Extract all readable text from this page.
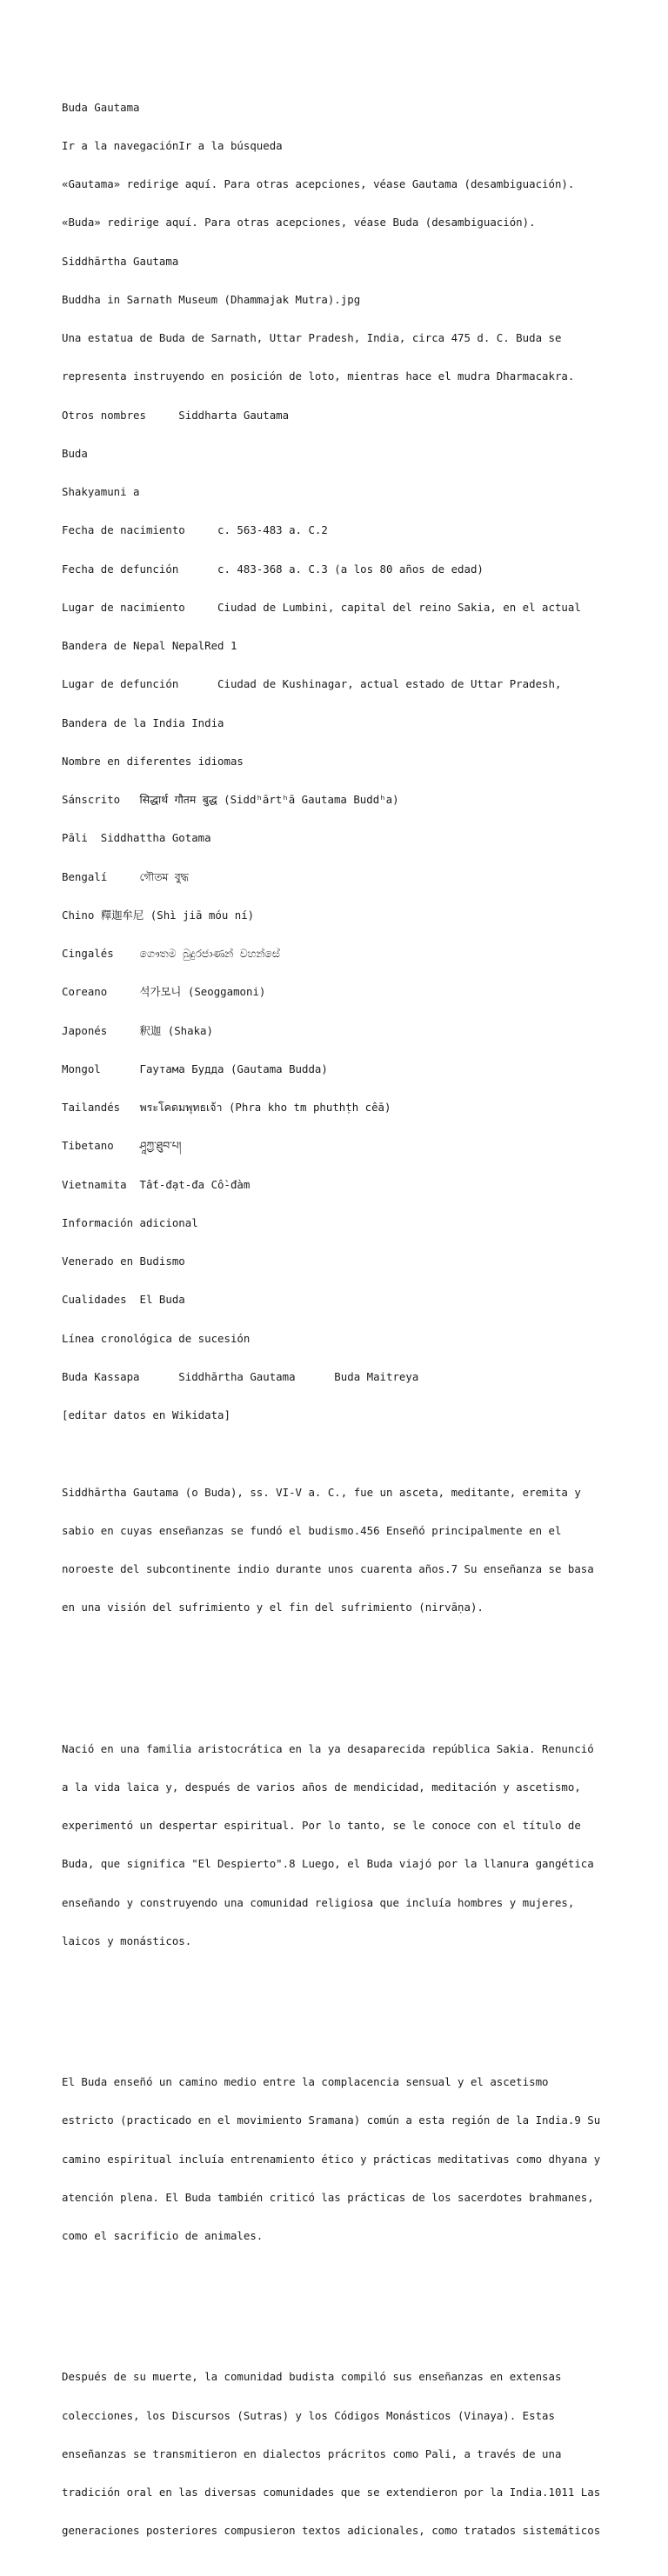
Buda Gautama

Ir a la navegaciónIr a la búsqueda

«Gautama» redirige aquí. Para otras acepciones, véase Gautama (desambiguación).

«Buda» redirige aquí. Para otras acepciones, véase Buda (desambiguación).

Siddhārtha Gautama

Buddha in Sarnath Museum (Dhammajak Mutra).jpg

Una estatua de Buda de Sarnath, Uttar Pradesh, India, circa 475 d. C. Buda se

representa instruyendo en posición de loto, mientras hace el mudra Dharmacakra.

Otros nombres     Siddharta Gautama

Buda

Shakyamuni a

Fecha de nacimiento     c. 563-483 a. C.2

Fecha de defunción      c. 483-368 a. C.3 (a los 80 años de edad)

Lugar de nacimiento     Ciudad de Lumbini, capital del reino Sakia, en el actual

Bandera de Nepal NepalRed 1

Lugar de defunción      Ciudad de Kushinagar, actual estado de Uttar Pradesh,

Bandera de la India India

Nombre en diferentes idiomas

Sánscrito   सिद्धार्थ गौतम बुद्ध (Siddʰārtʰā Gautama Buddʰa)

Pāli  Siddhattha Gotama

Bengalí     গৌতম বুদ্ধ

Chino 釋迦牟尼 (Shì jiā móu ní)

Cingalés    ගෞතම බුදුරජාණන් වහන්සේ

Coreano     석가모니 (Seoggamoni)

Japonés     釈迦 (Shaka)

Mongol      Гаутама Будда (Gautama Budda)

Tailandés   พระโคดมพุทธเจ้า (Phra kho tm phuthṭh cêā)

Tibetano    ཤཱཀྱ་ཐུབ་པ།

Vietnamita  Tất-đạt-đa Cồ-đàm

Información adicional

Venerado en Budismo

Cualidades  El Buda

Línea cronológica de sucesión

Buda Kassapa      Siddhārtha Gautama      Buda Maitreya

[editar datos en Wikidata]

Siddhārtha Gautama (o Buda), ss. VI-V a. C., fue un asceta, meditante, eremita y

sabio en cuyas enseñanzas se fundó el budismo.456 Enseñó principalmente en el

noroeste del subcontinente indio durante unos cuarenta años.7 Su enseñanza se basa

en una visión del sufrimiento y el fin del sufrimiento (nirvāṇa).

Nació en una familia aristocrática en la ya desaparecida república Sakia. Renunció

a la vida laica y, después de varios años de mendicidad, meditación y ascetismo,

experimentó un despertar espiritual. Por lo tanto, se le conoce con el título de

Buda, que significa "El Despierto".8 Luego, el Buda viajó por la llanura gangética

enseñando y construyendo una comunidad religiosa que incluía hombres y mujeres,

laicos y monásticos.

El Buda enseñó un camino medio entre la complacencia sensual y el ascetismo

estricto (practicado en el movimiento Sramana) común a esta región de la India.9 Su

camino espiritual incluía entrenamiento ético y prácticas meditativas como dhyana y

atención plena. El Buda también criticó las prácticas de los sacerdotes brahmanes,

como el sacrificio de animales.

Después de su muerte, la comunidad budista compiló sus enseñanzas en extensas

colecciones, los Discursos (Sutras) y los Códigos Monásticos (Vinaya). Estas

enseñanzas se transmitieron en dialectos prácritos como Pali, a través de una

tradición oral en las diversas comunidades que se extendieron por la India.1011 Las

generaciones posteriores compusieron textos adicionales, como tratados sistemáticos
